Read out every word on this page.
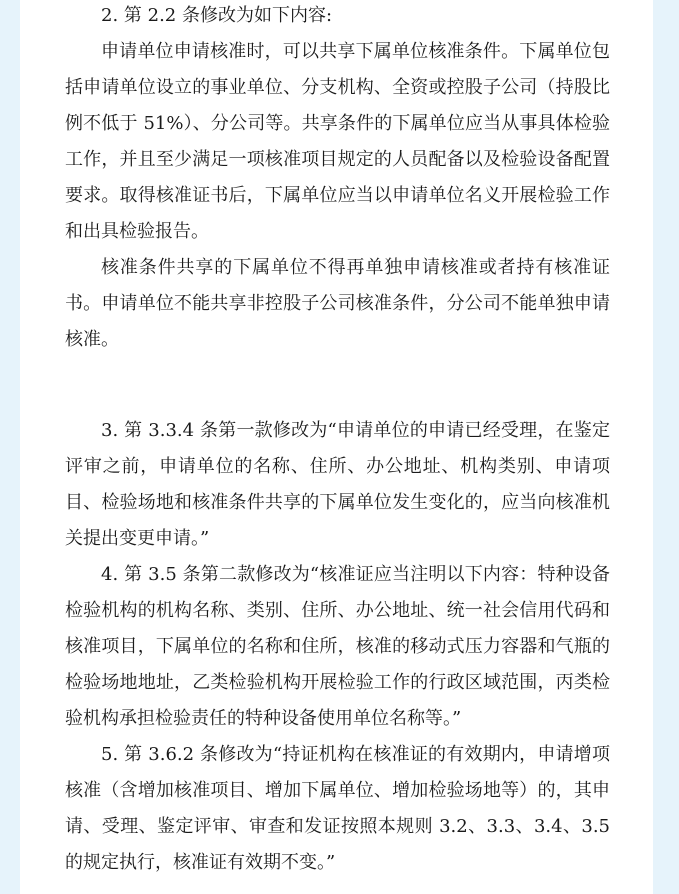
2. 第 2.2 条修改为如下内容:

申请单位申请核准时，可以共享下属单位核准条件。下属单位包括申请单位设立的事业单位、分支机构、全资或控股子公司（持股比例不低于 51%）、分公司等。共享条件的下属单位应当从事具体检验工作，并且至少满足一项核准项目规定的人员配备以及检验设备配置要求。取得核准证书后，下属单位应当以申请单位名义开展检验工作和出具检验报告。

核准条件共享的下属单位不得再单独申请核准或者持有核准证书。申请单位不能共享非控股子公司核准条件，分公司不能单独申请核准。

3. 第 3.3.4 条第一款修改为“申请单位的申请已经受理，在鉴定评审之前，申请单位的名称、住所、办公地址、机构类别、申请项目、检验场地和核准条件共享的下属单位发生变化的，应当向核准机关提出变更申请。”

4. 第 3.5 条第二款修改为“核准证应当注明以下内容：特种设备检验机构的机构名称、类别、住所、办公地址、统一社会信用代码和核准项目，下属单位的名称和住所，核准的移动式压力容器和气瓶的检验场地地址，乙类检验机构开展检验工作的行政区域范围，丙类检验机构承担检验责任的特种设备使用单位名称等。”

5. 第 3.6.2 条修改为“持证机构在核准证的有效期内，申请增项核准（含增加核准项目、增加下属单位、增加检验场地等）的，其申请、受理、鉴定评审、审查和发证按照本规则 3.2、3.3、3.4、3.5 的规定执行，核准证有效期不变。”
